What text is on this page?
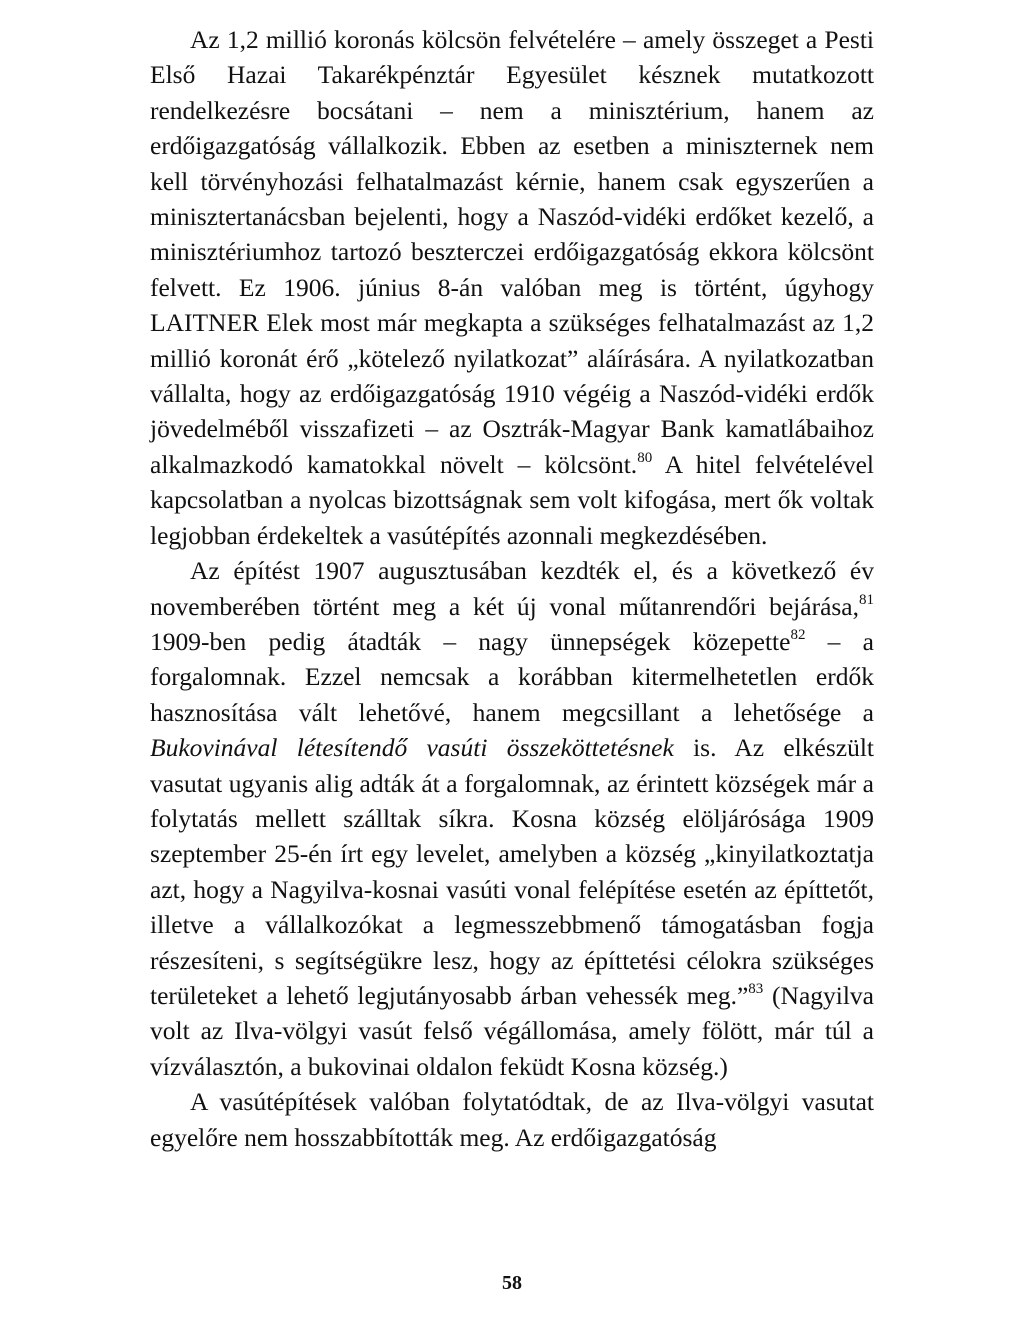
Az 1,2 millió koronás kölcsön felvételére – amely összeget a Pesti Első Hazai Takarékpénztár Egyesület késznek mutatkozott rendelkezésre bocsátani – nem a minisztérium, hanem az erdőigazgatóság vállalkozik. Ebben az esetben a miniszternek nem kell törvényhozási felhatalmazást kérnie, hanem csak egyszerűen a minisztertanácsban bejelenti, hogy a Naszód-vidéki erdőket kezelő, a minisztériumhoz tartozó beszterczei erdőigazgatóság ekkora kölcsönt felvett. Ez 1906. június 8-án valóban meg is történt, úgyhogy LAITNER Elek most már megkapta a szükséges felhatalmazást az 1,2 millió koronát érő „kötelező nyilatkozat” aláírására. A nyilatkozatban vállalta, hogy az erdőigazgatóság 1910 végéig a Naszód-vidéki erdők jövedelméből visszafizeti – az Osztrák-Magyar Bank kamatlábaihoz alkalmazkodó kamatokkal növelt – kölcsönt.$^{80}$ A hitel felvételével kapcsolatban a nyolcas bizottságnak sem volt kifogása, mert ők voltak legjobban érdekeltek a vasútépítés azonnali megkezdésében.

Az építést 1907 augusztusában kezdték el, és a következő év novemberében történt meg a két új vonal műtanrendőri bejárása,$^{81}$ 1909-ben pedig átadták – nagy ünnepségek közepette$^{82}$ – a forgalomnak. Ezzel nemcsak a korábban kitermelhetetlen erdők hasznosítása vált lehetővé, hanem megcsillant a lehetősége a Bukovinával létesítendő vasúti összeköttetésnek is. Az elkészült vasutat ugyanis alig adták át a forgalomnak, az érintett községek már a folytatás mellett szálltak síkra. Kosna község elöljárósága 1909 szeptember 25-én írt egy levelet, amelyben a község „kinyilatkoztatja azt, hogy a Nagyilva-kosnai vasúti vonal felépítése esetén az építtetőt, illetve a vállalkozókat a legmesszebbmenő támogatásban fogja részesíteni, s segítségükre lesz, hogy az építtetési célokra szükséges területeket a lehető legjutányosabb árban vehessék meg.”$^{83}$ (Nagyilva volt az Ilva-völgyi vasút felső végállomása, amely fölött, már túl a vízválasztón, a bukovinai oldalon feküdt Kosna község.)

A vasútépítések valóban folytatódtak, de az Ilva-völgyi vasutat egyelőre nem hosszabbították meg. Az erdőigazgatóság

58
